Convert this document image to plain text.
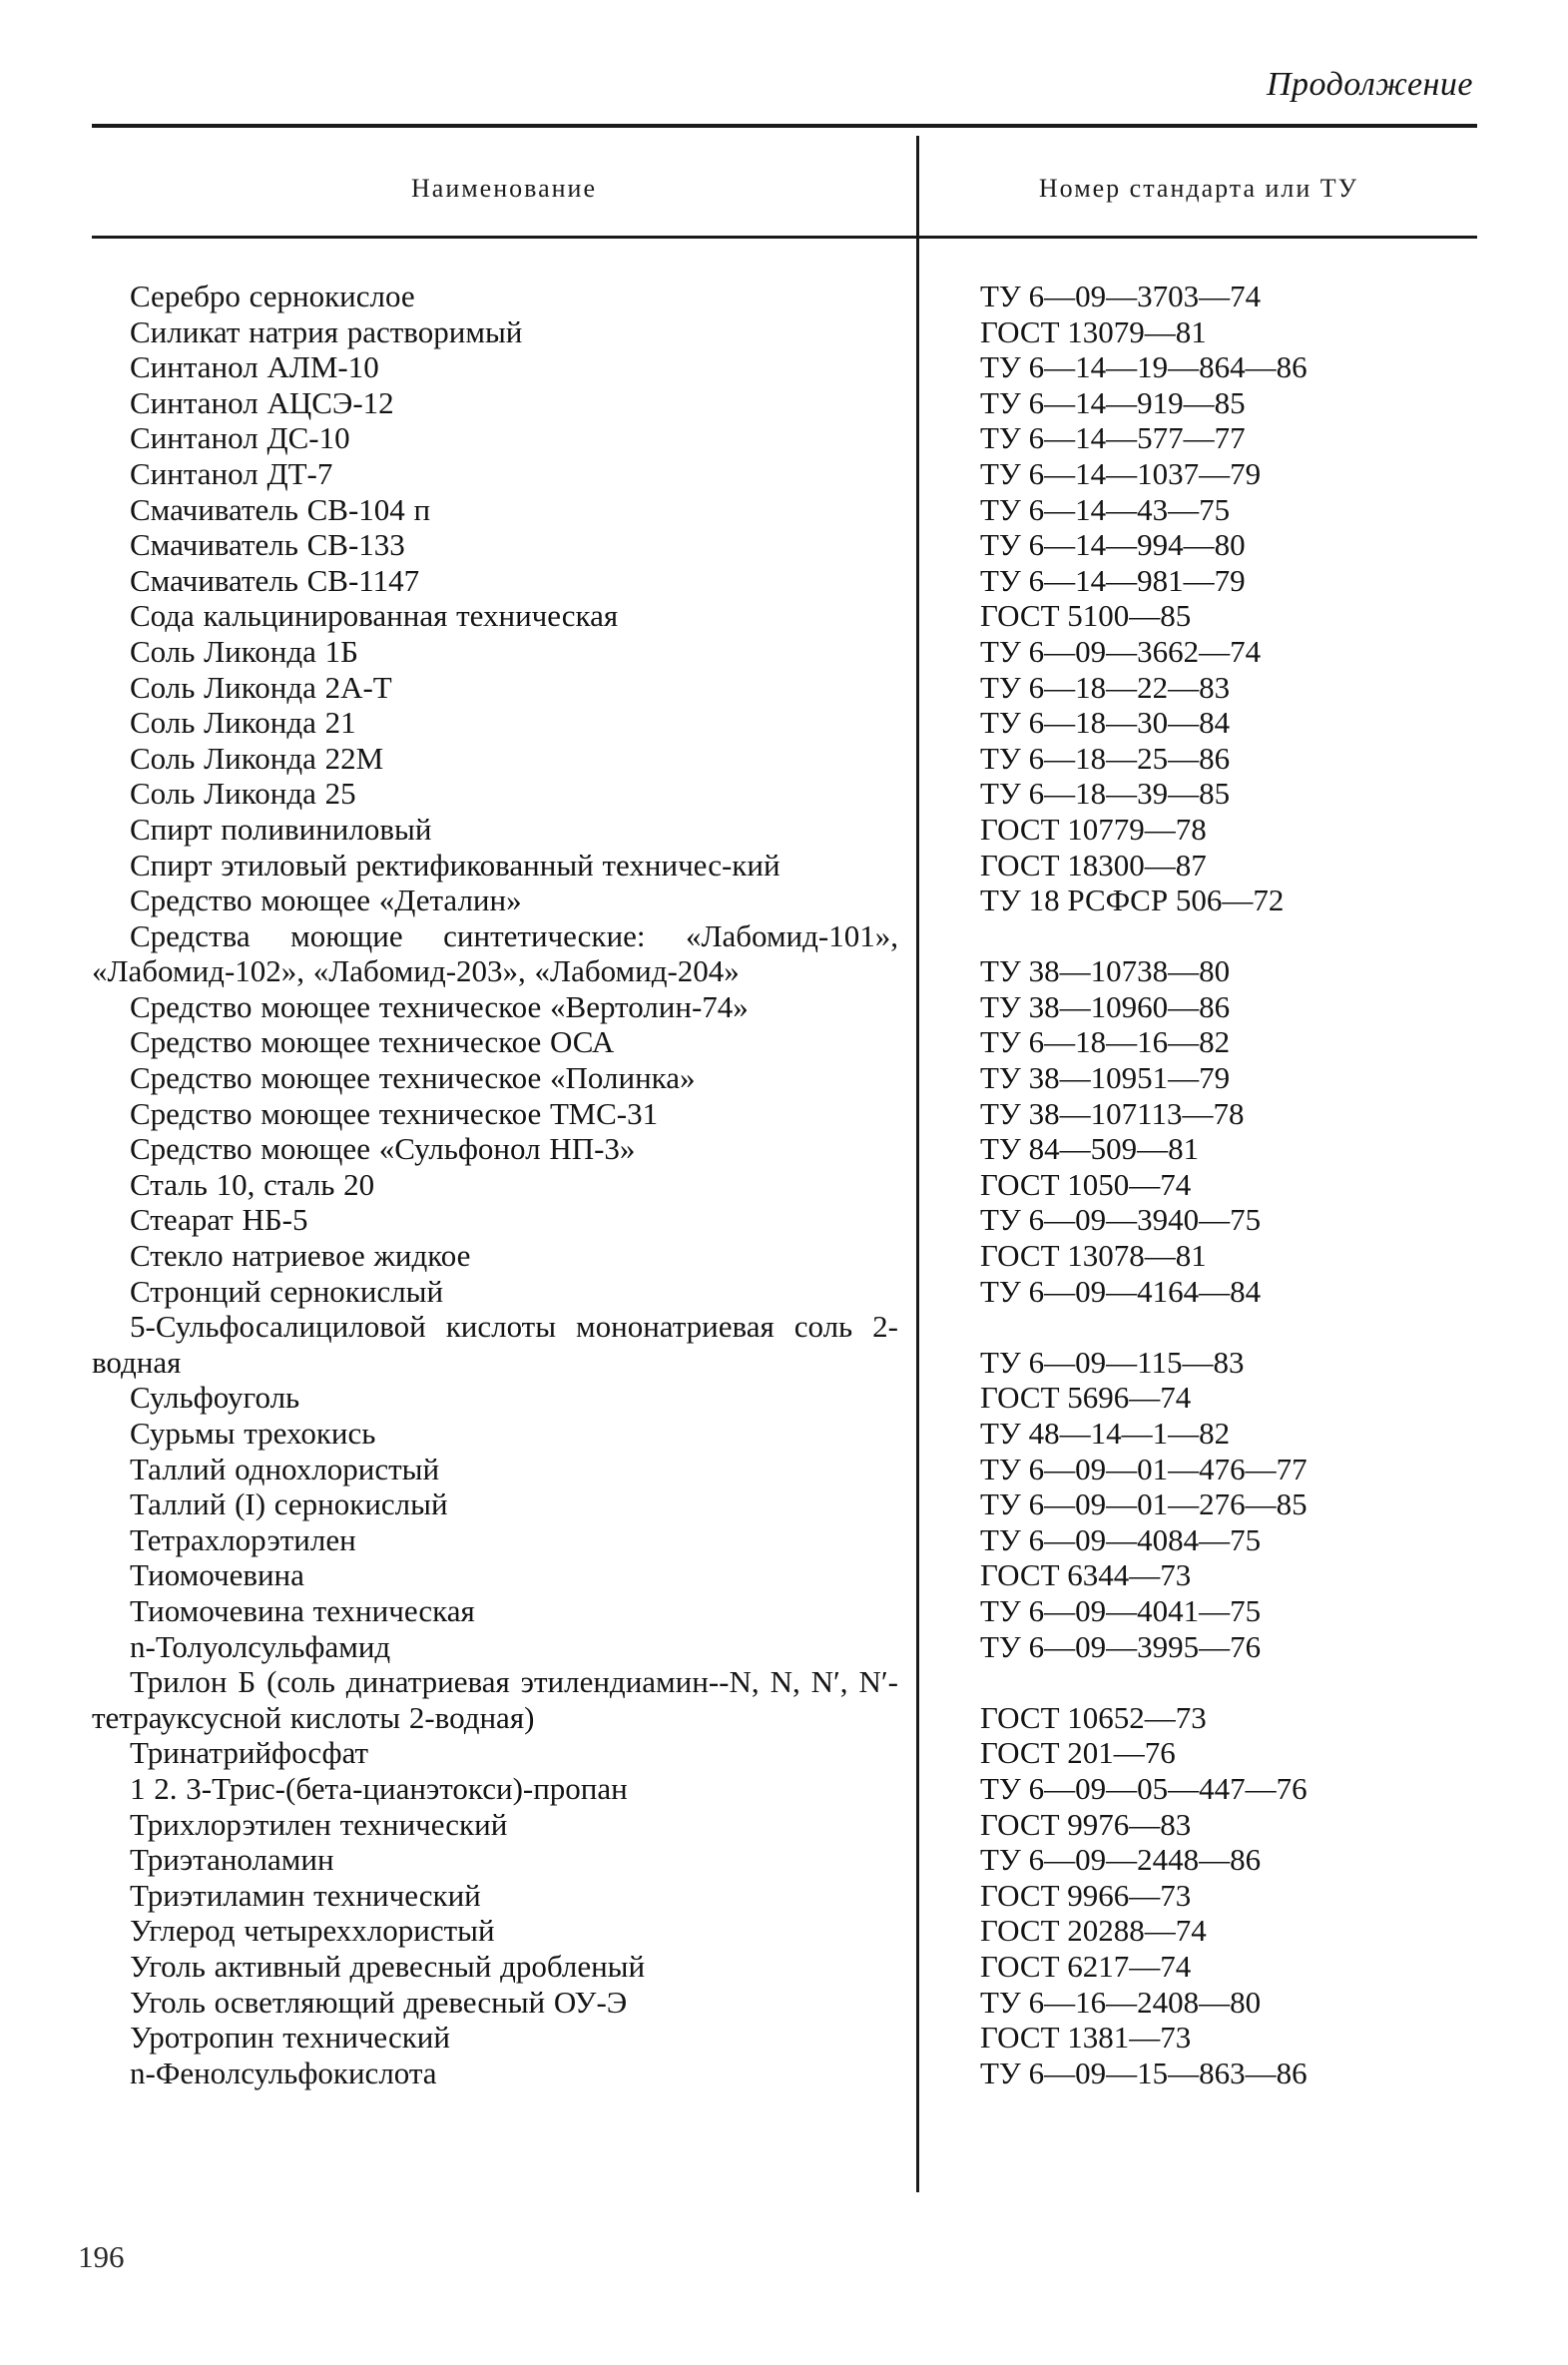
Продолжение
Наименование	Номер стандарта или ТУ
Серебро сернокислое	ТУ 6—09—3703—74
Силикат натрия растворимый	ГОСТ 13079—81
Синтанол АЛМ-10	ТУ 6—14—19—864—86
Синтанол АЦСЭ-12	ТУ 6—14—919—85
Синтанол ДС-10	ТУ 6—14—577—77
Синтанол ДТ-7	ТУ 6—14—1037—79
Смачиватель СВ-104 п	ТУ 6—14—43—75
Смачиватель СВ-133	ТУ 6—14—994—80
Смачиватель СВ-1147	ТУ 6—14—981—79
Сода кальцинированная техническая	ГОСТ 5100—85
Соль Ликонда 1Б	ТУ 6—09—3662—74
Соль Ликонда 2А-Т	ТУ 6—18—22—83
Соль Ликонда 21	ТУ 6—18—30—84
Соль Ликонда 22М	ТУ 6—18—25—86
Соль Ликонда 25	ТУ 6—18—39—85
Спирт поливиниловый	ГОСТ 10779—78
Спирт этиловый ректификованный техничес-кий	ГОСТ 18300—87
Средство моющее «Деталин»	ТУ 18 РСФСР 506—72
Средства моющие синтетические: «Лабомид-101», «Лабомид-102», «Лабомид-203», «Лабомид-204»	ТУ 38—10738—80
Средство моющее техническое «Вертолин-74»	ТУ 38—10960—86
Средство моющее техническое ОСА	ТУ 6—18—16—82
Средство моющее техническое «Полинка»	ТУ 38—10951—79
Средство моющее техническое ТМС-31	ТУ 38—107113—78
Средство моющее «Сульфонол НП-3»	ТУ 84—509—81
Сталь 10, сталь 20	ГОСТ 1050—74
Стеарат НБ-5	ТУ 6—09—3940—75
Стекло натриевое жидкое	ГОСТ 13078—81
Стронций сернокислый	ТУ 6—09—4164—84
5-Сульфосалициловой кислоты мононатриевая соль 2-водная	ТУ 6—09—115—83
Сульфоуголь	ГОСТ 5696—74
Сурьмы трехокись	ТУ 48—14—1—82
Таллий однохлористый	ТУ 6—09—01—476—77
Таллий (I) сернокислый	ТУ 6—09—01—276—85
Тетрахлорэтилен	ТУ 6—09—4084—75
Тиомочевина	ГОСТ 6344—73
Тиомочевина техническая	ТУ 6—09—4041—75
n-Толуолсульфамид	ТУ 6—09—3995—76
Трилон Б (соль динатриевая этилендиамин--N, N, N′, N′-тетрауксусной кислоты 2-водная)	ГОСТ 10652—73
Тринатрийфосфат	ГОСТ 201—76
1 2. 3-Трис-(бета-цианэтокси)-пропан	ТУ 6—09—05—447—76
Трихлорэтилен технический	ГОСТ 9976—83
Триэтаноламин	ТУ 6—09—2448—86
Триэтиламин технический	ГОСТ 9966—73
Углерод четыреххлористый	ГОСТ 20288—74
Уголь активный древесный дробленый	ГОСТ 6217—74
Уголь осветляющий древесный ОУ-Э	ТУ 6—16—2408—80
Уротропин технический	ГОСТ 1381—73
n-Фенолсульфокислота	ТУ 6—09—15—863—86
196
